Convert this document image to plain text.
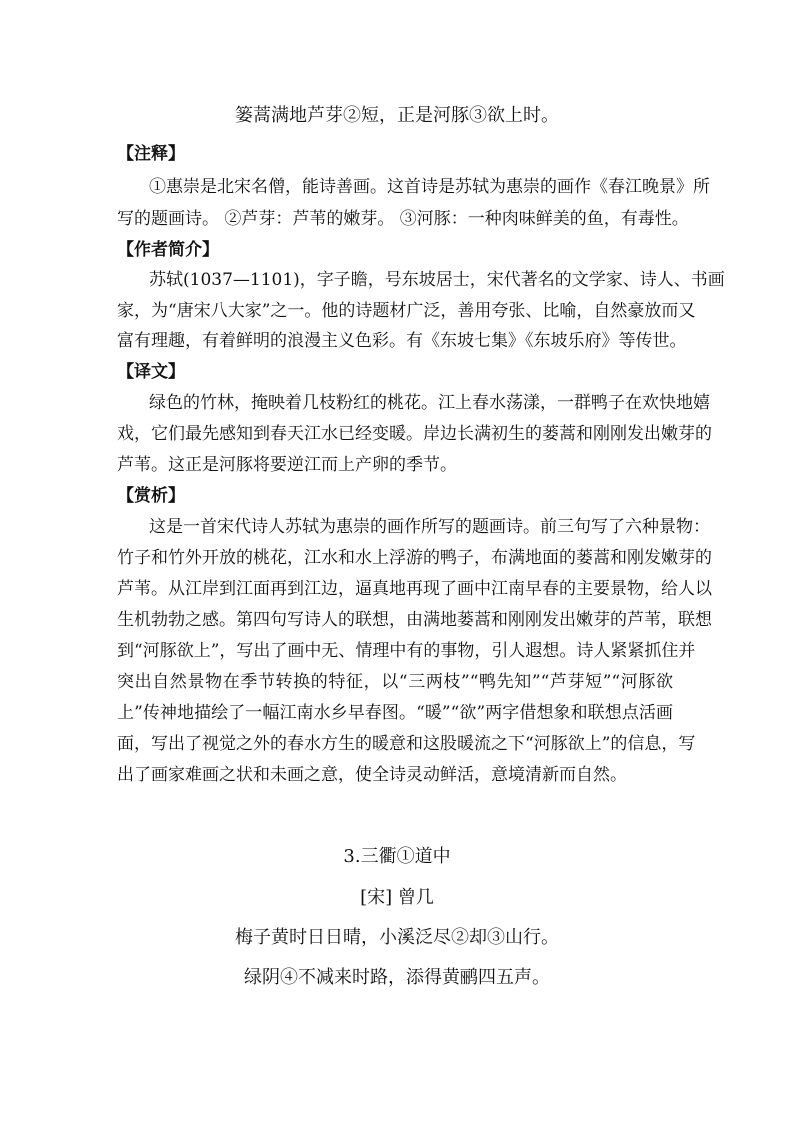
篓蒿满地芦芽②短，正是河豚③欲上时。
【注释】
①惠崇是北宋名僧，能诗善画。这首诗是苏轼为惠崇的画作《春江晚景》所
写的题画诗。 ②芦芽：芦苇的嫩芽。 ③河豚：一种肉味鲜美的鱼，有毒性。
【作者简介】
苏轼(1037—1101)，字子瞻，号东坡居士，宋代著名的文学家、诗人、书画
家，为“唐宋八大家”之一。他的诗题材广泛，善用夸张、比喻，自然豪放而又
富有理趣，有着鲜明的浪漫主义色彩。有《东坡七集》《东坡乐府》等传世。
【译文】
绿色的竹林，掩映着几枝粉红的桃花。江上春水荡漾，一群鸭子在欢快地嬉
戏，它们最先感知到春天江水已经变暖。岸边长满初生的蒌蒿和刚刚发出嫩芽的
芦苇。这正是河豚将要逆江而上产卵的季节。
【赏析】
这是一首宋代诗人苏轼为惠崇的画作所写的题画诗。前三句写了六种景物：
竹子和竹外开放的桃花，江水和水上浮游的鸭子，布满地面的蒌蒿和刚发嫩芽的
芦苇。从江岸到江面再到江边，逼真地再现了画中江南早春的主要景物，给人以
生机勃勃之感。第四句写诗人的联想，由满地蒌蒿和刚刚发出嫩芽的芦苇，联想
到“河豚欲上”，写出了画中无、情理中有的事物，引人遐想。诗人紧紧抓住并
突出自然景物在季节转换的特征，以“三两枝”“鸭先知”“芦芽短”“河豚欲
上”传神地描绘了一幅江南水乡早春图。“暖”“欲”两字借想象和联想点活画
面，写出了视觉之外的春水方生的暖意和这股暖流之下“河豚欲上”的信息，写
出了画家难画之状和未画之意，使全诗灵动鲜活，意境清新而自然。
3.三衢①道中
[宋] 曾几
梅子黄时日日晴，小溪泛尽②却③山行。
绿阴④不减来时路，添得黄鹂四五声。
